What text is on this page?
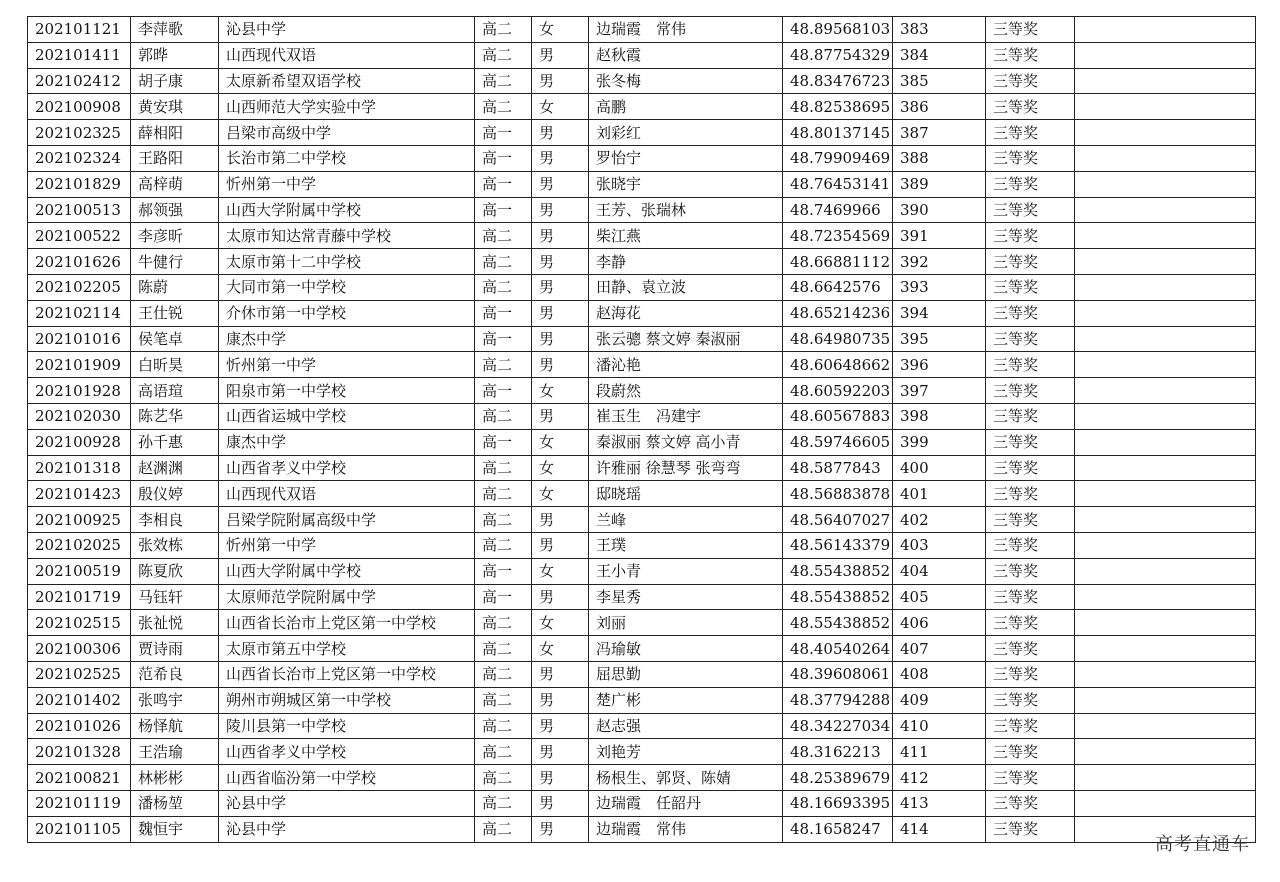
202101121	李萍歌	沁县中学	高二	女	边瑞霞　常伟	48.89568103	383	三等奖	
202101411	郭晔	山西现代双语	高二	男	赵秋霞	48.87754329	384	三等奖	
202102412	胡子康	太原新希望双语学校	高二	男	张冬梅	48.83476723	385	三等奖	
202100908	黄安琪	山西师范大学实验中学	高二	女	高鹏	48.82538695	386	三等奖	
202102325	薛相阳	吕梁市高级中学	高一	男	刘彩红	48.80137145	387	三等奖	
202102324	王路阳	长治市第二中学校	高一	男	罗怡宁	48.79909469	388	三等奖	
202101829	高梓萌	忻州第一中学	高一	男	张晓宇	48.76453141	389	三等奖	
202100513	郝领强	山西大学附属中学校	高一	男	王芳、张瑞林	48.7469966	390	三等奖	
202100522	李彦昕	太原市知达常青藤中学校	高二	男	柴江燕	48.72354569	391	三等奖	
202101626	牛健行	太原市第十二中学校	高二	男	李静	48.66881112	392	三等奖	
202102205	陈蔚	大同市第一中学校	高二	男	田静、袁立波	48.6642576	393	三等奖	
202102114	王仕锐	介休市第一中学校	高一	男	赵海花	48.65214236	394	三等奖	
202101016	侯笔卓	康杰中学	高一	男	张云骢 蔡文婷 秦淑丽	48.64980735	395	三等奖	
202101909	白昕昊	忻州第一中学	高二	男	潘沁艳	48.60648662	396	三等奖	
202101928	高语瑄	阳泉市第一中学校	高一	女	段蔚然	48.60592203	397	三等奖	
202102030	陈艺华	山西省运城中学校	高二	男	崔玉生　冯建宇	48.60567883	398	三等奖	
202100928	孙千惠	康杰中学	高一	女	秦淑丽 蔡文婷 高小青	48.59746605	399	三等奖	
202101318	赵渊渊	山西省孝义中学校	高二	女	许雅丽 徐慧琴 张弯弯	48.5877843	400	三等奖	
202101423	殷仪婷	山西现代双语	高二	女	邸晓瑶	48.56883878	401	三等奖	
202100925	李相良	吕梁学院附属高级中学	高二	男	兰峰	48.56407027	402	三等奖	
202102025	张效栋	忻州第一中学	高二	男	王璞	48.56143379	403	三等奖	
202100519	陈夏欣	山西大学附属中学校	高一	女	王小青	48.55438852	404	三等奖	
202101719	马钰轩	太原师范学院附属中学	高一	男	李星秀	48.55438852	405	三等奖	
202102515	张祉悦	山西省长治市上党区第一中学校	高二	女	刘丽	48.55438852	406	三等奖	
202100306	贾诗雨	太原市第五中学校	高二	女	冯瑜敏	48.40540264	407	三等奖	
202102525	范希良	山西省长治市上党区第一中学校	高二	男	屈思勤	48.39608061	408	三等奖	
202101402	张鸣宇	朔州市朔城区第一中学校	高二	男	楚广彬	48.37794288	409	三等奖	
202101026	杨怿航	陵川县第一中学校	高二	男	赵志强	48.34227034	410	三等奖	
202101328	王浩瑜	山西省孝义中学校	高二	男	刘艳芳	48.3162213	411	三等奖	
202100821	林彬彬	山西省临汾第一中学校	高二	男	杨根生、郭贤、陈婧	48.25389679	412	三等奖	
202101119	潘杨堃	沁县中学	高二	男	边瑞霞　任韶丹	48.16693395	413	三等奖	
202101105	魏恒宇	沁县中学	高二	男	边瑞霞　常伟	48.1658247	414	三等奖	
高考直通车
